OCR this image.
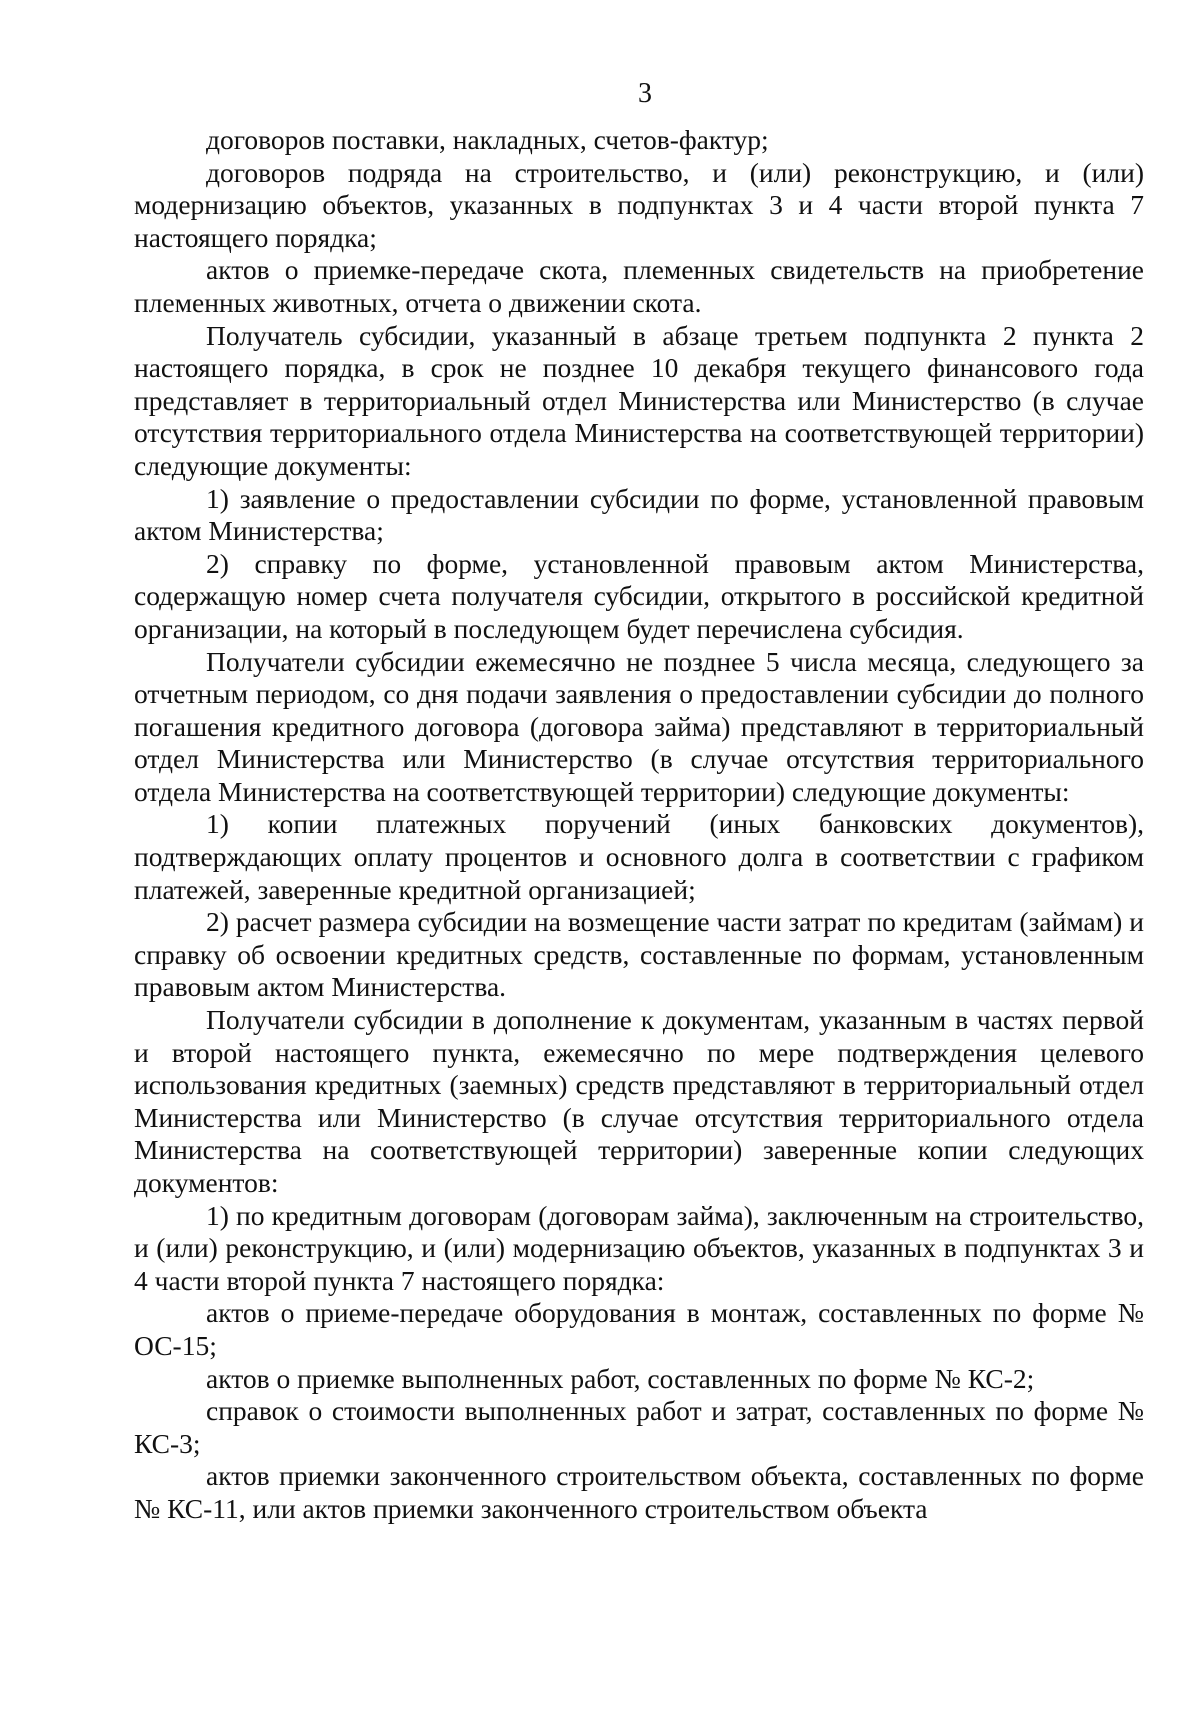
3

договоров поставки, накладных, счетов-фактур;

договоров подряда на строительство, и (или) реконструкцию, и (или) модернизацию объектов, указанных в подпунктах 3 и 4 части второй пункта 7 настоящего порядка;

актов о приемке-передаче скота, племенных свидетельств на приобретение племенных животных, отчета о движении скота.

Получатель субсидии, указанный в абзаце третьем подпункта 2 пункта 2 настоящего порядка, в срок не позднее 10 декабря текущего финансового года представляет в территориальный отдел Министерства или Министерство (в случае отсутствия территориального отдела Министерства на соответствующей территории) следующие документы:

1) заявление о предоставлении субсидии по форме, установленной правовым актом Министерства;

2) справку по форме, установленной правовым актом Министерства, содержащую номер счета получателя субсидии, открытого в российской кредитной организации, на который в последующем будет перечислена субсидия.

Получатели субсидии ежемесячно не позднее 5 числа месяца, следующего за отчетным периодом, со дня подачи заявления о предоставлении субсидии до полного погашения кредитного договора (договора займа) представляют в территориальный отдел Министерства или Министерство (в случае отсутствия территориального отдела Министерства на соответствующей территории) следующие документы:

1) копии платежных поручений (иных банковских документов), подтверждающих оплату процентов и основного долга в соответствии с графиком платежей, заверенные кредитной организацией;

2) расчет размера субсидии на возмещение части затрат по кредитам (займам) и справку об освоении кредитных средств, составленные по формам, установленным правовым актом Министерства.

Получатели субсидии в дополнение к документам, указанным в частях первой и второй настоящего пункта, ежемесячно по мере подтверждения целевого использования кредитных (заемных) средств представляют в территориальный отдел Министерства или Министерство (в случае отсутствия территориального отдела Министерства на соответствующей территории) заверенные копии следующих документов:

1) по кредитным договорам (договорам займа), заключенным на строительство, и (или) реконструкцию, и (или) модернизацию объектов, указанных в подпунктах 3 и 4 части второй пункта 7 настоящего порядка:

актов о приеме-передаче оборудования в монтаж, составленных по форме № ОС-15;

актов о приемке выполненных работ, составленных по форме № КС-2;

справок о стоимости выполненных работ и затрат, составленных по форме № КС-3;

актов приемки законченного строительством объекта, составленных по форме № КС-11, или актов приемки законченного строительством объекта
